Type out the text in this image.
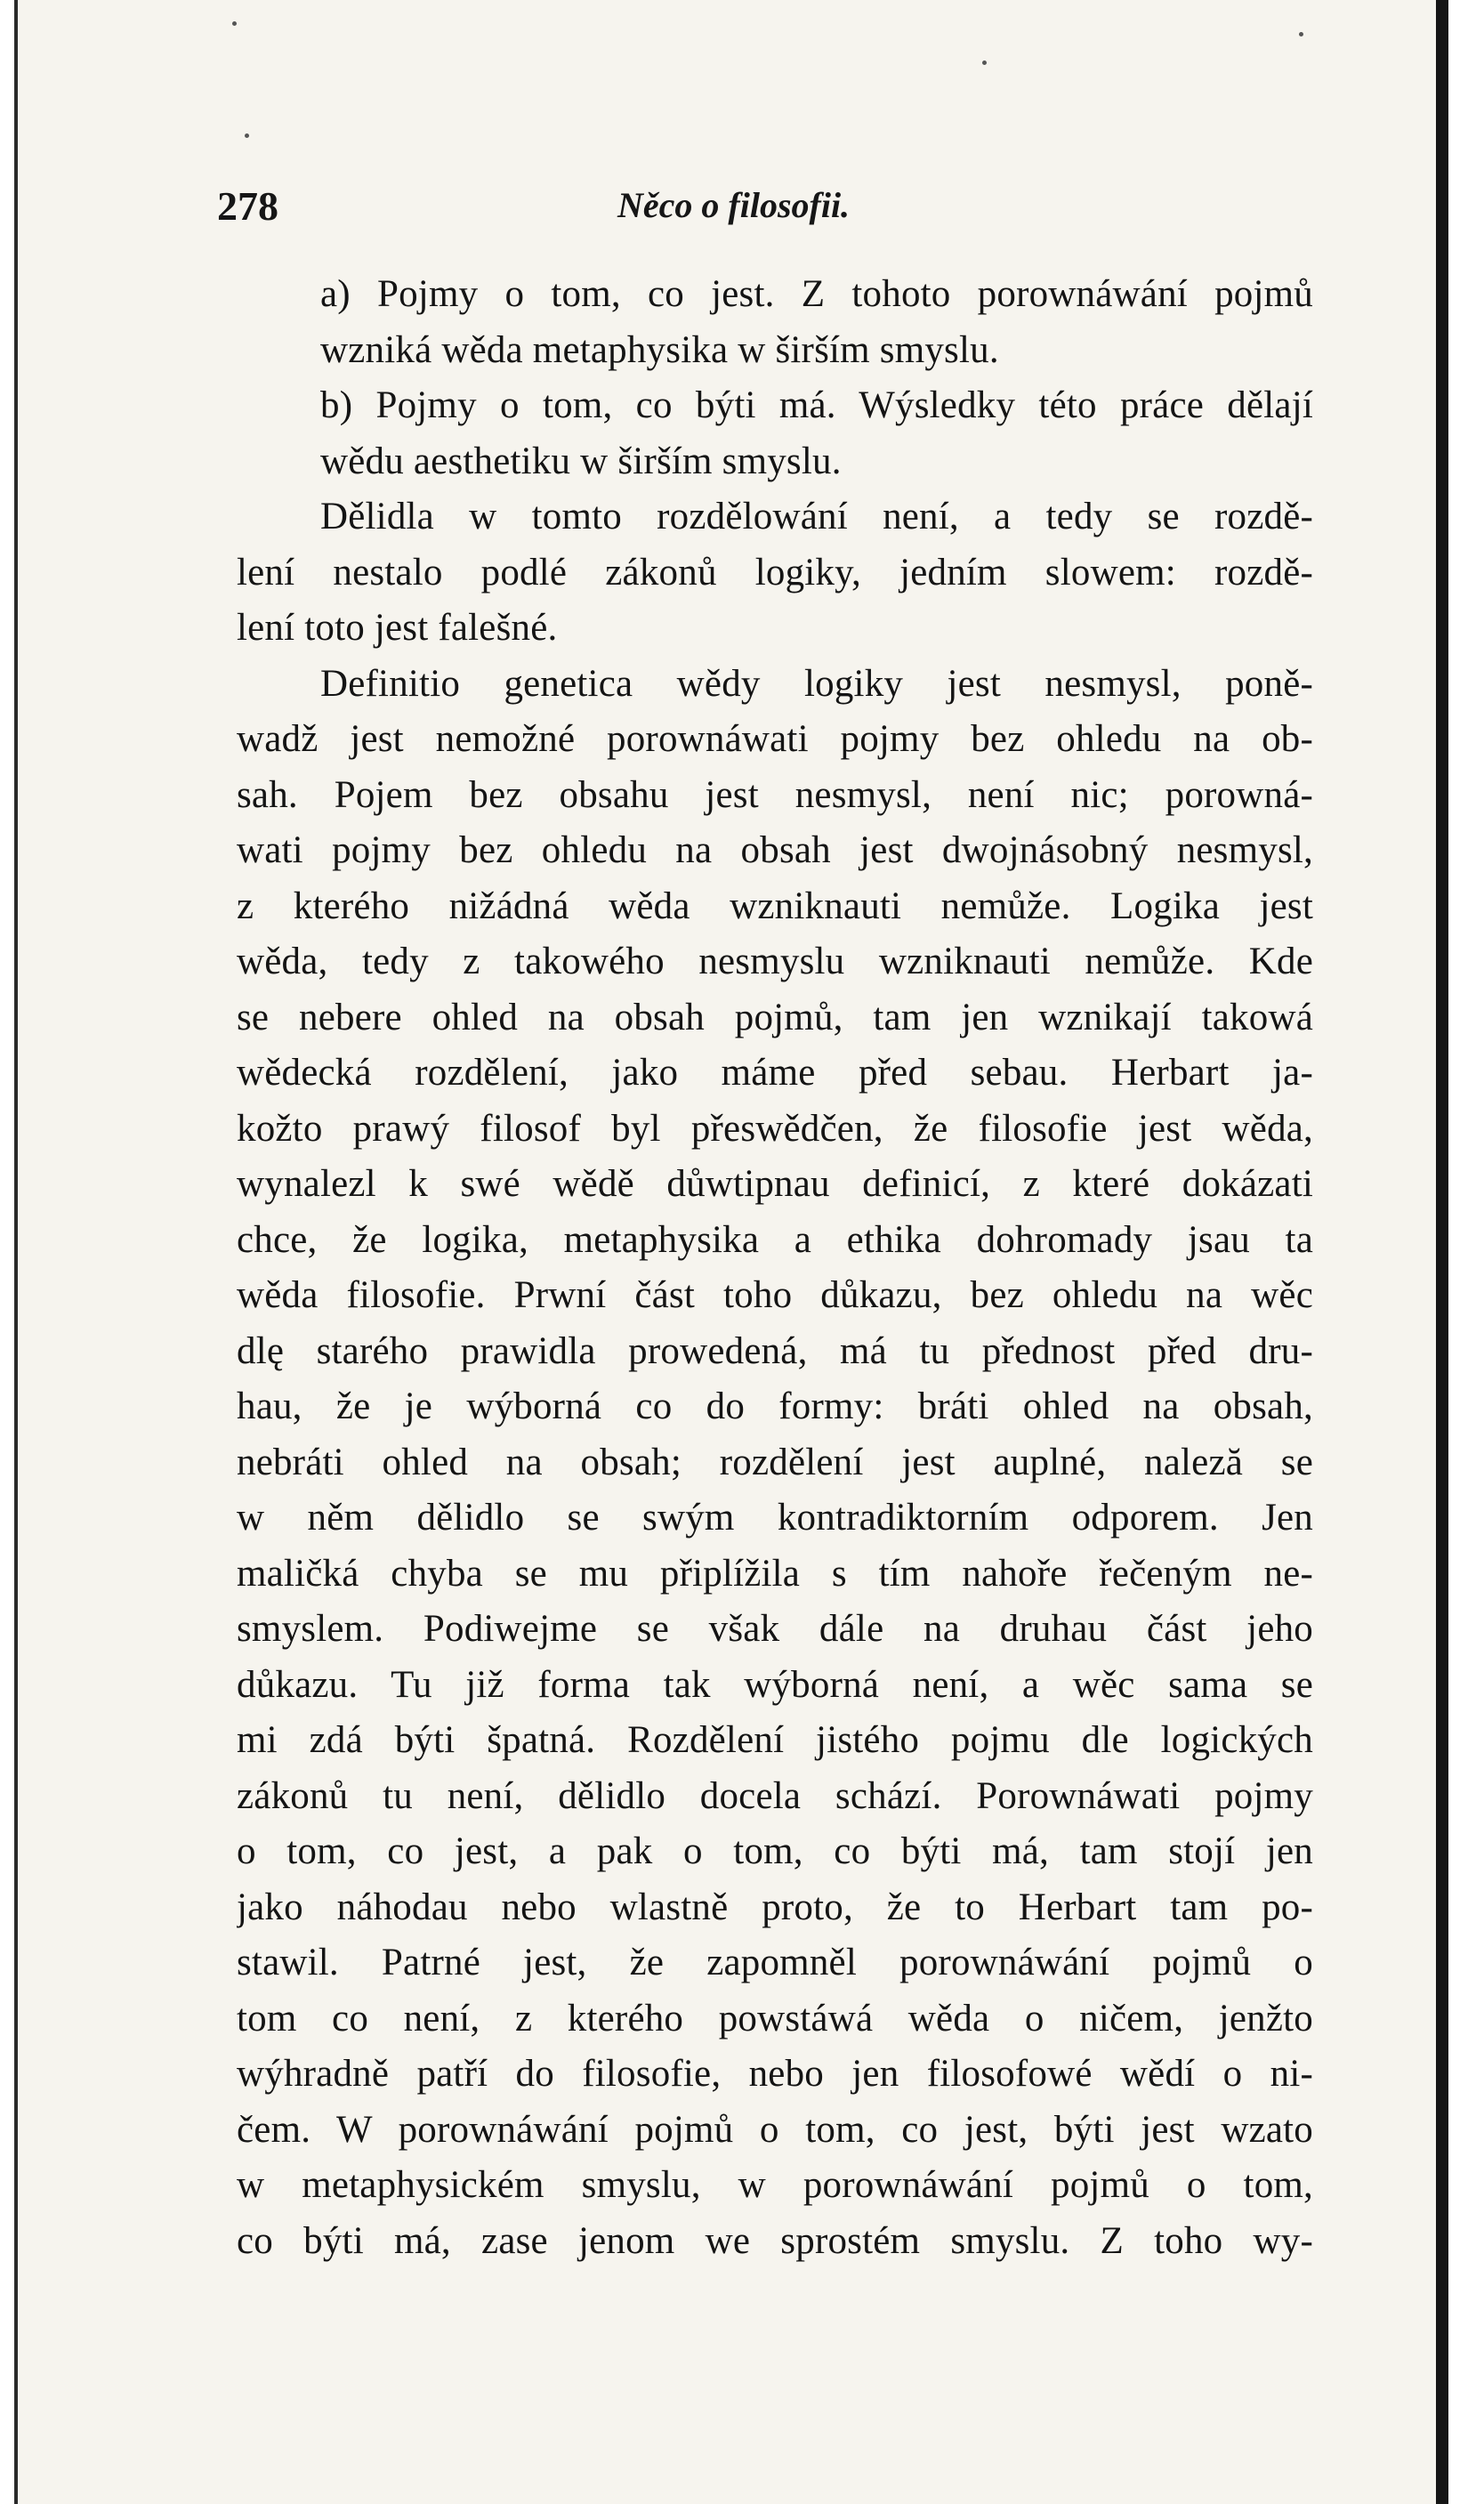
278	Něco o filosofii.
a) Pojmy o tom, co jest. Z tohoto porownáwání pojmů
wzniká wěda metaphysika w širším smyslu.
b) Pojmy o tom, co býti má. Wýsledky této práce dělají
wědu aesthetiku w širším smyslu.
Dělidla w tomto rozdělowání není, a tedy se rozdě-
lení nestalo podlé zákonů logiky, jedním slowem: rozdě-
lení toto jest falešné.
Definitio genetica wědy logiky jest nesmysl, poně-
wadž jest nemožné porownáwati pojmy bez ohledu na ob-
sah. Pojem bez obsahu jest nesmysl, není nic; porowná-
wati pojmy bez ohledu na obsah jest dwojnásobný nesmysl,
z kterého nižádná wěda wzniknauti nemůže. Logika jest
wěda, tedy z takowého nesmyslu wzniknauti nemůže. Kde
se nebere ohled na obsah pojmů, tam jen wznikají takowá
wědecká rozdělení, jako máme před sebau. Herbart ja-
kožto prawý filosof byl přeswědčen, že filosofie jest wěda,
wynalezl k swé wědě důwtipnau definicí, z které dokázati
chce, že logika, metaphysika a ethika dohromady jsau ta
wěda filosofie. Prwní část toho důkazu, bez ohledu na wěc
dlę starého prawidla prowedená, má tu přednost před dru-
hau, že je wýborná co do formy: bráti ohled na obsah,
nebráti ohled na obsah; rozdělení jest auplné, naleză se
w něm dělidlo se swým kontradiktorním odporem. Jen
maličká chyba se mu připlížila s tím nahoře řečeným ne-
smyslem. Podiwejme se však dále na druhau část jeho
důkazu. Tu již forma tak wýborná není, a wěc sama se
mi zdá býti špatná. Rozdělení jistého pojmu dle logických
zákonů tu není, dělidlo docela schází. Porownáwati pojmy
o tom, co jest, a pak o tom, co býti má, tam stojí jen
jako náhodau nebo wlastně proto, že to Herbart tam po-
stawil. Patrné jest, že zapomněl porownáwání pojmů o
tom co není, z kterého powstáwá wěda o ničem, jenžto
wýhradně patří do filosofie, nebo jen filosofowé wědí o ni-
čem. W porownáwání pojmů o tom, co jest, býti jest wzato
w metaphysickém smyslu, w porownáwání pojmů o tom,
co býti má, zase jenom we sprostém smyslu. Z toho wy-
